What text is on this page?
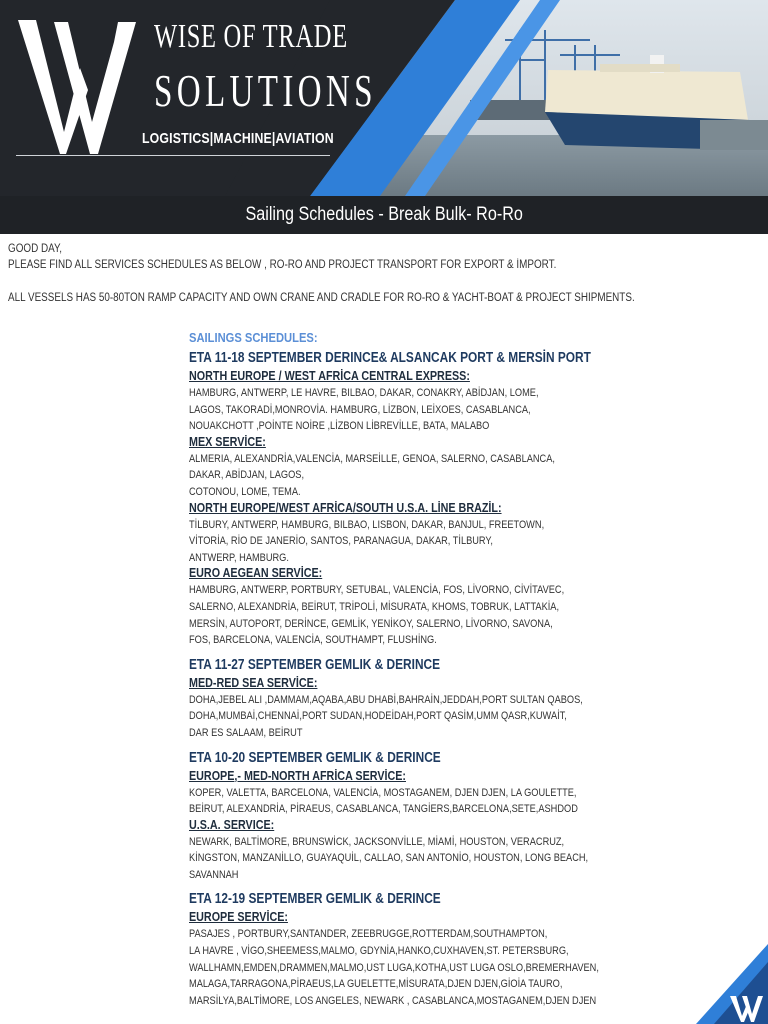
WISE OF TRADE
SOLUTIONS
LOGISTICS|MACHINE|AVIATION
Sailing Schedules - Break Bulk- Ro-Ro

GOOD DAY,

PLEASE FIND ALL SERVICES SCHEDULES AS BELOW , RO-RO AND PROJECT TRANSPORT FOR EXPORT & İMPORT.

ALL VESSELS HAS 50-80TON RAMP CAPACITY AND OWN CRANE AND CRADLE FOR RO-RO & YACHT-BOAT & PROJECT SHIPMENTS.

SAILINGS SCHEDULES:
ETA 11-18 SEPTEMBER DERINCE& ALSANCAK PORT & MERSİN PORT
NORTH EUROPE / WEST AFRİCA CENTRAL EXPRESS:
HAMBURG, ANTWERP, LE HAVRE, BILBAO, DAKAR, CONAKRY, ABİDJAN, LOME,
LAGOS, TAKORADİ,MONROVİA. HAMBURG, LİZBON, LEİXOES, CASABLANCA,
NOUAKCHOTT ,POİNTE NOİRE ,LİZBON LİBREVİLLE, BATA, MALABO
MEX SERVİCE:
ALMERIA, ALEXANDRİA,VALENCİA, MARSEİLLE, GENOA, SALERNO, CASABLANCA,
DAKAR, ABİDJAN, LAGOS,
COTONOU, LOME, TEMA.
NORTH EUROPE/WEST AFRİCA/SOUTH U.S.A. LİNE BRAZİL:
TİLBURY, ANTWERP, HAMBURG, BILBAO, LISBON, DAKAR, BANJUL, FREETOWN,
VİTORİA, RİO DE JANERİO, SANTOS, PARANAGUA, DAKAR, TİLBURY,
ANTWERP, HAMBURG.
EURO AEGEAN SERVİCE:
HAMBURG, ANTWERP, PORTBURY, SETUBAL, VALENCİA, FOS, LİVORNO, CİVİTAVEC,
SALERNO, ALEXANDRİA, BEİRUT, TRİPOLİ, MİSURATA, KHOMS, TOBRUK, LATTAKİA,
MERSİN, AUTOPORT, DERİNCE, GEMLİK, YENİKOY, SALERNO, LİVORNO, SAVONA,
FOS, BARCELONA, VALENCİA, SOUTHAMPT, FLUSHİNG.
ETA 11-27 SEPTEMBER GEMLIK & DERINCE
MED-RED SEA SERVİCE:
DOHA,JEBEL ALI ,DAMMAM,AQABA,ABU DHABİ,BAHRAİN,JEDDAH,PORT SULTAN QABOS,
DOHA,MUMBAİ,CHENNAİ,PORT SUDAN,HODEİDAH,PORT QASİM,UMM QASR,KUWAİT,
DAR ES SALAAM, BEİRUT
ETA 10-20 SEPTEMBER GEMLIK & DERINCE
EUROPE,- MED-NORTH AFRİCA SERVİCE:
KOPER, VALETTA, BARCELONA, VALENCİA, MOSTAGANEM, DJEN DJEN, LA GOULETTE,
BEİRUT, ALEXANDRİA, PİRAEUS, CASABLANCA, TANGİERS,BARCELONA,SETE,ASHDOD
U.S.A. SERVICE:
NEWARK, BALTİMORE, BRUNSWİCK, JACKSONVİLLE, MİAMİ, HOUSTON, VERACRUZ,
KİNGSTON, MANZANİLLO, GUAYAQUİL, CALLAO, SAN ANTONİO, HOUSTON, LONG BEACH,
SAVANNAH
ETA 12-19 SEPTEMBER GEMLIK & DERINCE
EUROPE SERVİCE:
PASAJES , PORTBURY,SANTANDER, ZEEBRUGGE,ROTTERDAM,SOUTHAMPTON,
LA HAVRE , VİGO,SHEEMESS,MALMO, GDYNİA,HANKO,CUXHAVEN,ST. PETERSBURG,
WALLHAMN,EMDEN,DRAMMEN,MALMO,UST LUGA,KOTHA,UST LUGA OSLO,BREMERHAVEN,
MALAGA,TARRAGONA,PİRAEUS,LA GUELETTE,MİSURATA,DJEN DJEN,GİOİA TAURO,
MARSİLYA,BALTİMORE, LOS ANGELES, NEWARK , CASABLANCA,MOSTAGANEM,DJEN DJEN
